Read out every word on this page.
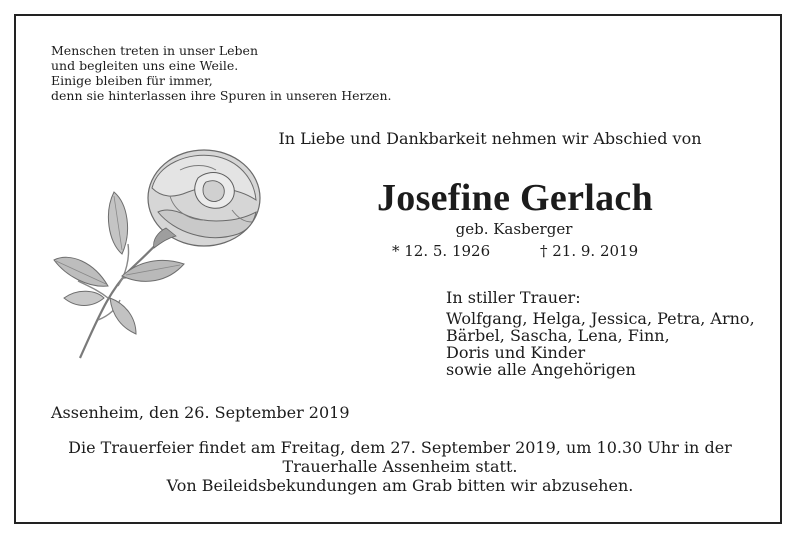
Menschen treten in unser Leben
und begleiten uns eine Weile.
Einige bleiben für immer,
denn sie hinterlassen ihre Spuren in unseren Herzen.
In Liebe und Dankbarkeit nehmen wir Abschied von
Josefine Gerlach
geb. Kasberger
* 12. 5. 1926	† 21. 9. 2019
In stiller Trauer:
Wolfgang, Helga, Jessica, Petra, Arno,
Bärbel, Sascha, Lena, Finn,
Doris und Kinder
sowie alle Angehörigen
Assenheim, den 26. September 2019
Die Trauerfeier findet am Freitag, dem 27. September 2019, um 10.30 Uhr in der
Trauerhalle Assenheim statt.
Von Beileidsbekundungen am Grab bitten wir abzusehen.
